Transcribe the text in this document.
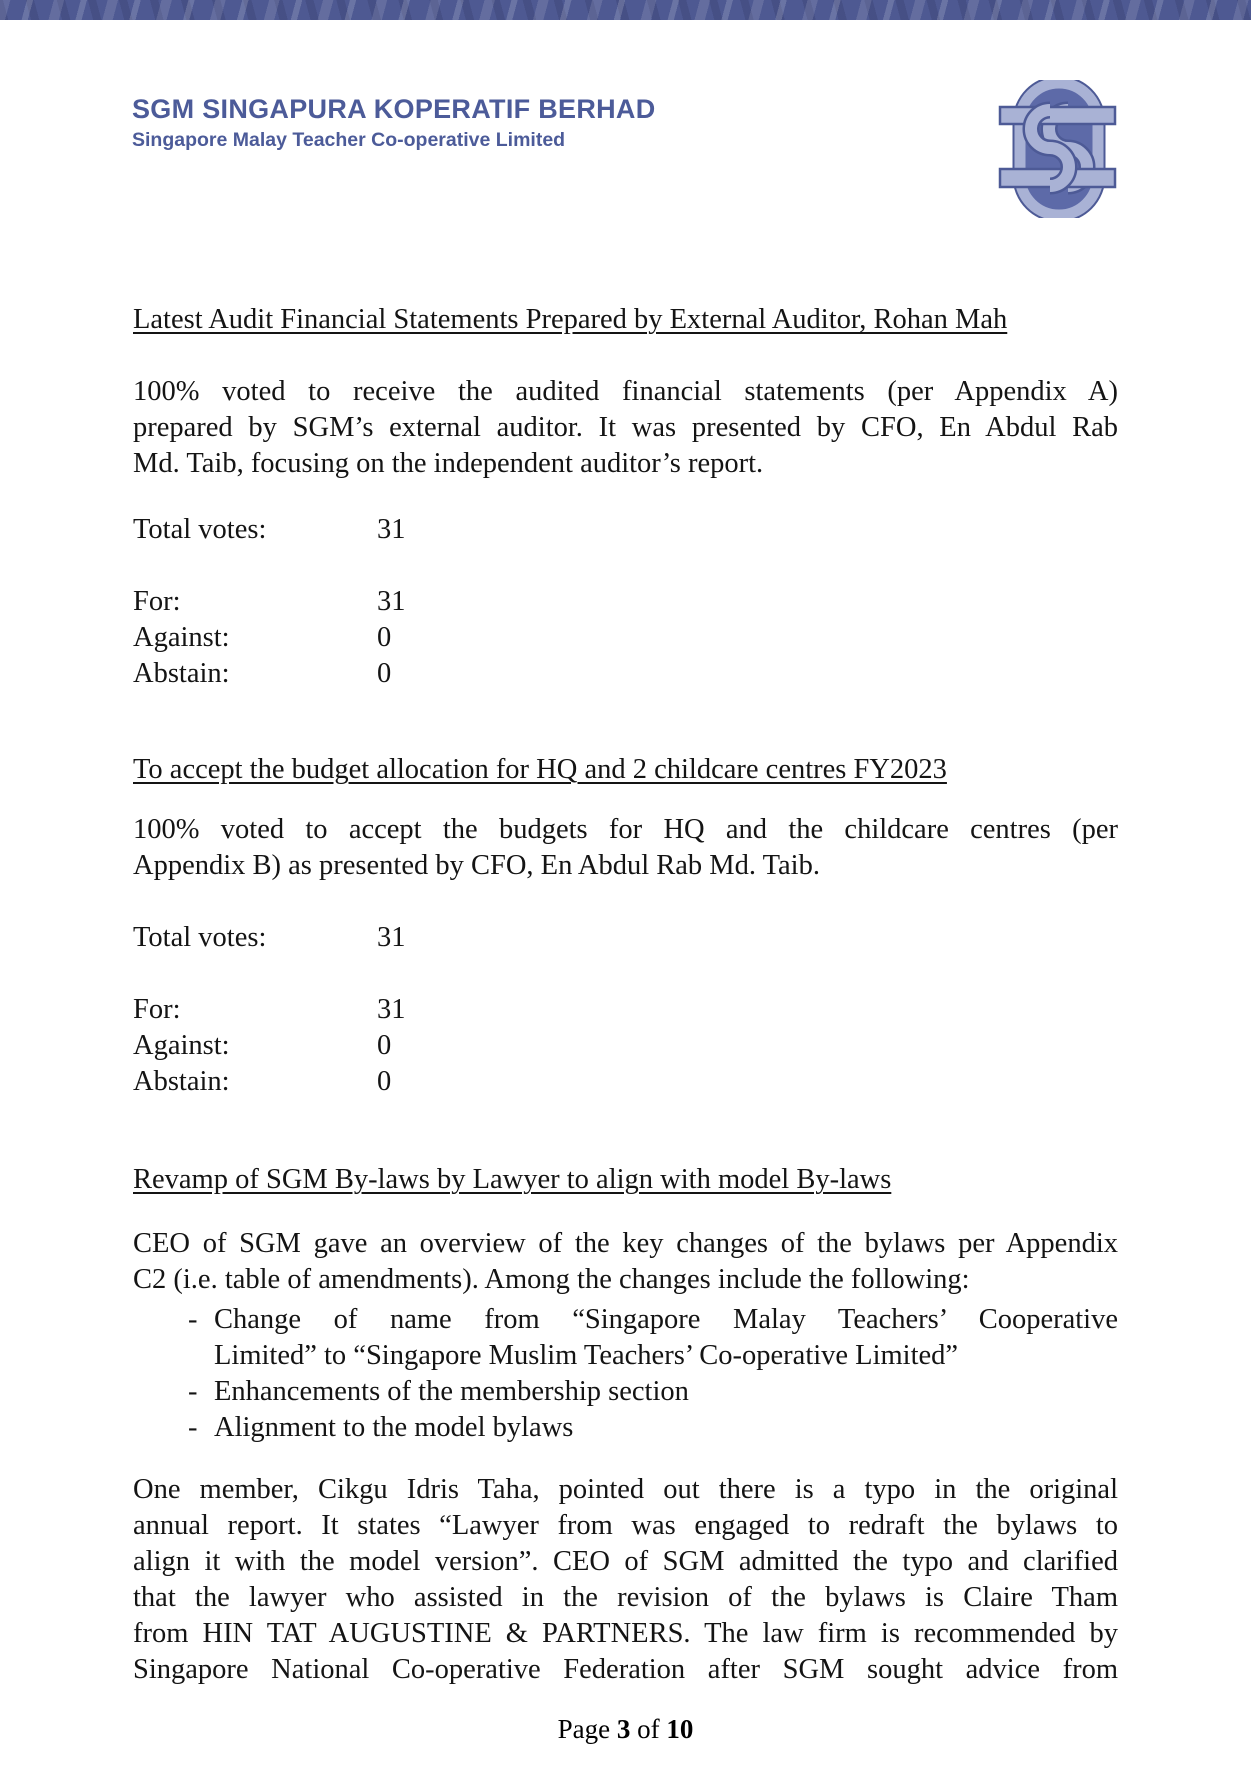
SGM SINGAPURA KOPERATIF BERHAD
Singapore Malay Teacher Co-operative Limited
Latest Audit Financial Statements Prepared by External Auditor, Rohan Mah
100% voted to receive the audited financial statements (per Appendix A)
prepared by SGM’s external auditor. It was presented by CFO, En Abdul Rab
Md. Taib, focusing on the independent auditor’s report.
Total votes:	31
For:	31
Against:	0
Abstain:	0
To accept the budget allocation for HQ and 2 childcare centres FY2023
100% voted to accept the budgets for HQ and the childcare centres (per
Appendix B) as presented by CFO, En Abdul Rab Md. Taib.
Total votes:	31
For:	31
Against:	0
Abstain:	0
Revamp of SGM By-laws by Lawyer to align with model By-laws
CEO of SGM gave an overview of the key changes of the bylaws per Appendix
C2 (i.e. table of amendments). Among the changes include the following:
- Change of name from “Singapore Malay Teachers’ Cooperative
Limited” to “Singapore Muslim Teachers’ Co-operative Limited”
- Enhancements of the membership section
- Alignment to the model bylaws
One member, Cikgu Idris Taha, pointed out there is a typo in the original
annual report. It states “Lawyer from was engaged to redraft the bylaws to
align it with the model version”. CEO of SGM admitted the typo and clarified
that the lawyer who assisted in the revision of the bylaws is Claire Tham
from HIN TAT AUGUSTINE & PARTNERS. The law firm is recommended by
Singapore National Co-operative Federation after SGM sought advice from
Page 3 of 10
